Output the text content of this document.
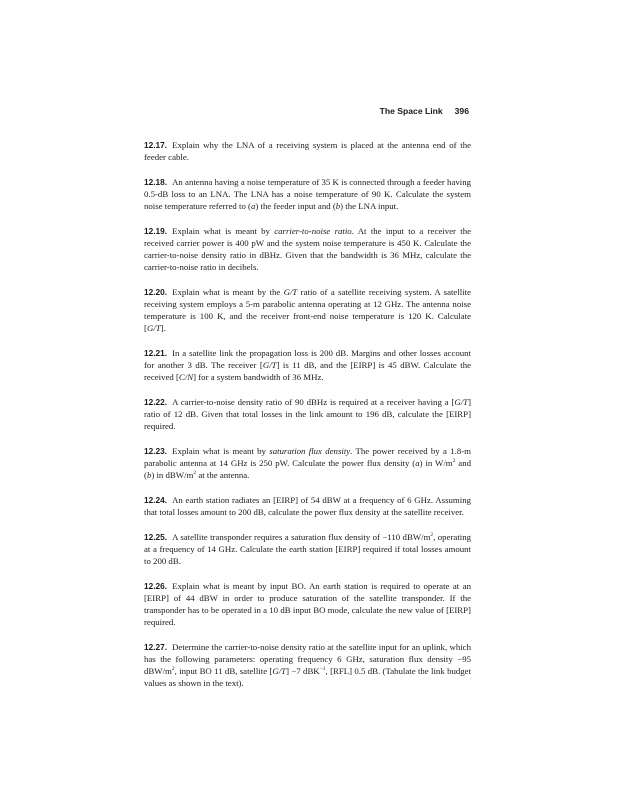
The Space Link 396

12.17. Explain why the LNA of a receiving system is placed at the antenna end of the feeder cable.

12.18. An antenna having a noise temperature of 35 K is connected through a feeder having 0.5-dB loss to an LNA. The LNA has a noise temperature of 90 K. Calculate the system noise temperature referred to (a) the feeder input and (b) the LNA input.

12.19. Explain what is meant by carrier-to-noise ratio. At the input to a receiver the received carrier power is 400 pW and the system noise temperature is 450 K. Calculate the carrier-to-noise density ratio in dBHz. Given that the bandwidth is 36 MHz, calculate the carrier-to-noise ratio in decibels.

12.20. Explain what is meant by the G/T ratio of a satellite receiving system. A satellite receiving system employs a 5-m parabolic antenna operating at 12 GHz. The antenna noise temperature is 100 K, and the receiver front-end noise temperature is 120 K. Calculate [G/T].

12.21. In a satellite link the propagation loss is 200 dB. Margins and other losses account for another 3 dB. The receiver [G/T] is 11 dB, and the [EIRP] is 45 dBW. Calculate the received [C/N] for a system bandwidth of 36 MHz.

12.22. A carrier-to-noise density ratio of 90 dBHz is required at a receiver having a [G/T] ratio of 12 dB. Given that total losses in the link amount to 196 dB, calculate the [EIRP] required.

12.23. Explain what is meant by saturation flux density. The power received by a 1.8-m parabolic antenna at 14 GHz is 250 pW. Calculate the power flux density (a) in $W/m^2$ and (b) in dBW/$m^2$ at the antenna.

12.24. An earth station radiates an [EIRP] of 54 dBW at a frequency of 6 GHz. Assuming that total losses amount to 200 dB, calculate the power flux density at the satellite receiver.

12.25. A satellite transponder requires a saturation flux density of −110 dBW/$m^2$, operating at a frequency of 14 GHz. Calculate the earth station [EIRP] required if total losses amount to 200 dB.

12.26. Explain what is meant by input BO. An earth station is required to operate at an [EIRP] of 44 dBW in order to produce saturation of the satellite transponder. If the transponder has to be operated in a 10 dB input BO mode, calculate the new value of [EIRP] required.

12.27. Determine the carrier-to-noise density ratio at the satellite input for an uplink, which has the following parameters: operating frequency 6 GHz, saturation flux density −95 dBW/$m^2$, input BO 11 dB, satellite [G/T] −7 dBK$^{-1}$, [RFL] 0.5 dB. (Tabulate the link budget values as shown in the text).
